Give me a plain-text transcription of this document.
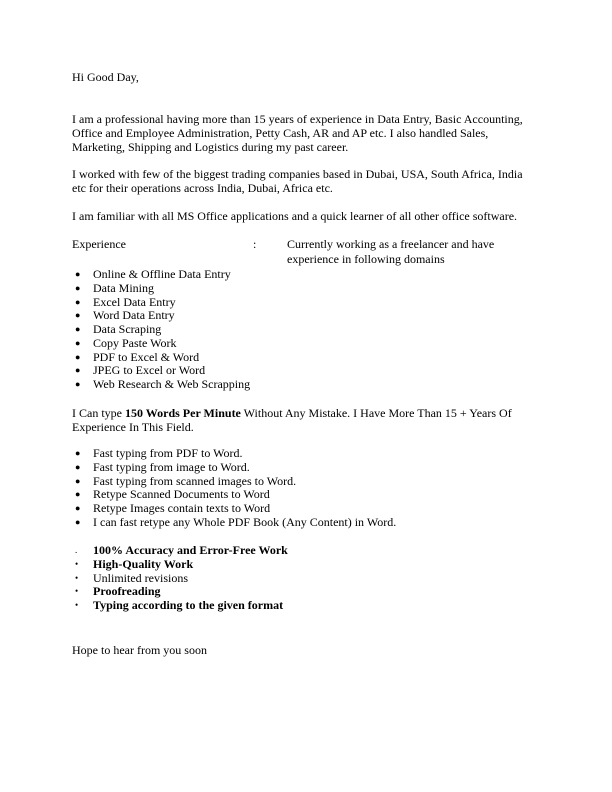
Hi Good Day,

I am a professional having more than 15 years of experience in Data Entry, Basic Accounting, Office and Employee Administration, Petty Cash, AR and AP etc. I also handled Sales, Marketing, Shipping and Logistics during my past career.

I worked with few of the biggest trading companies based in Dubai, USA, South Africa, India etc for their operations across India, Dubai, Africa etc.

I am familiar with all MS Office applications and a quick learner of all other office software.

Experience	:	Currently working as a freelancer and have experience in following domains
● Online & Offline Data Entry
● Data Mining
● Excel Data Entry
● Word Data Entry
● Data Scraping
● Copy Paste Work
● PDF to Excel & Word
● JPEG to Excel or Word
● Web Research & Web Scrapping

I Can type 150 Words Per Minute Without Any Mistake. I Have More Than 15 + Years Of Experience In This Field.

● Fast typing from PDF to Word.
● Fast typing from image to Word.
● Fast typing from scanned images to Word.
● Retype Scanned Documents to Word
● Retype Images contain texts to Word
● I can fast retype any Whole PDF Book (Any Content) in Word.
. 100% Accuracy and Error-Free Work
• High-Quality Work
• Unlimited revisions
• Proofreading
• Typing according to the given format

Hope to hear from you soon
